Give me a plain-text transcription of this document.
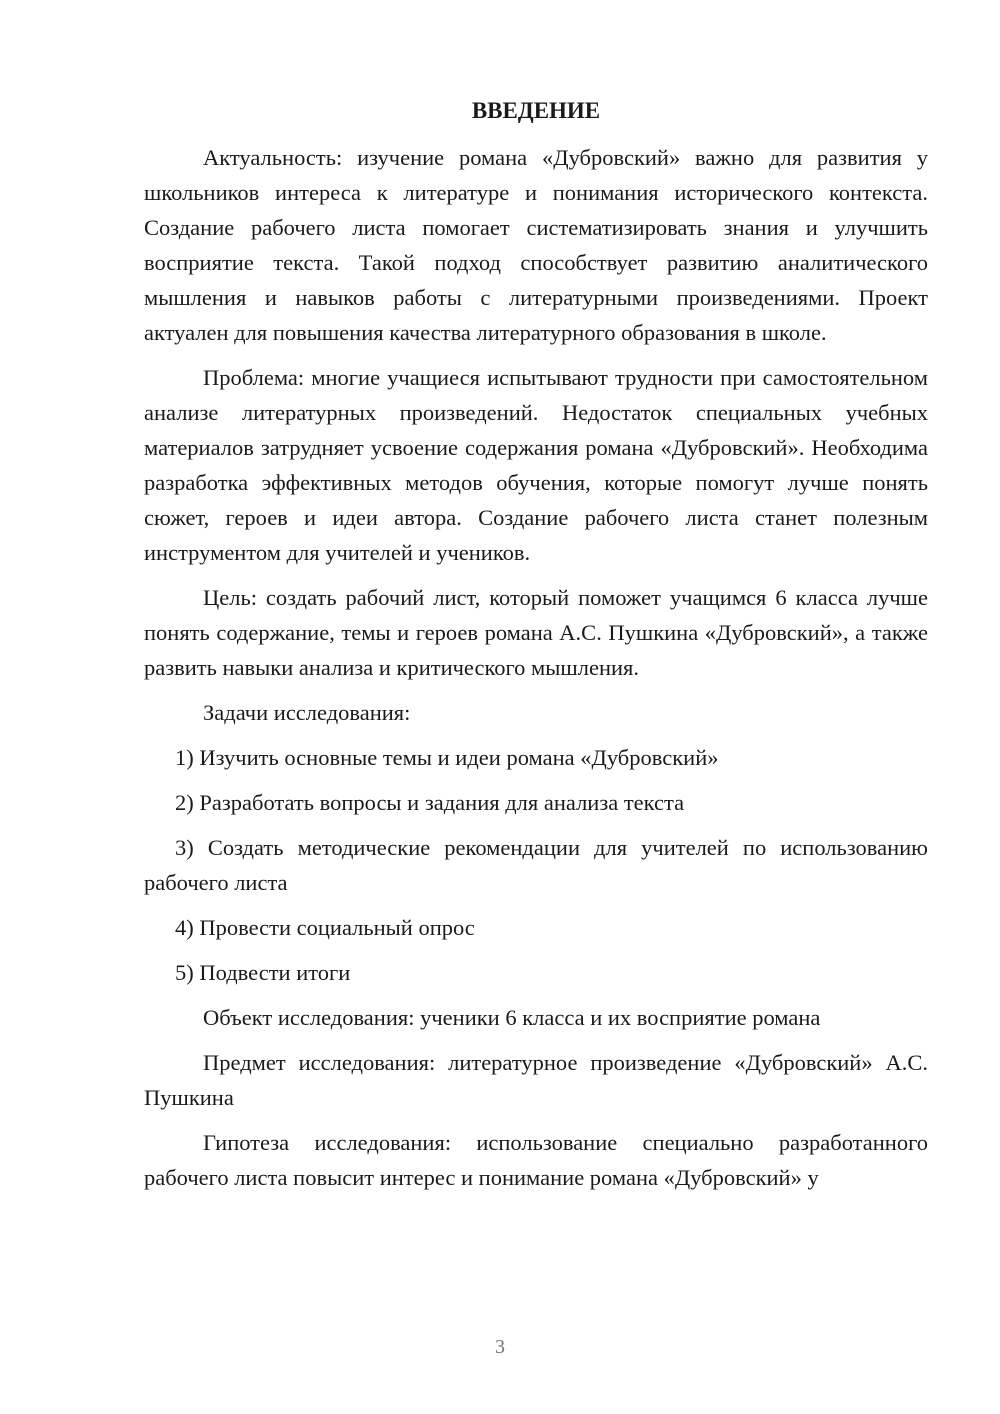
ВВЕДЕНИЕ

Актуальность: изучение романа «Дубровский» важно для развития у школьников интереса к литературе и понимания исторического контекста. Создание рабочего листа помогает систематизировать знания и улучшить восприятие текста. Такой подход способствует развитию аналитического мышления и навыков работы с литературными произведениями. Проект актуален для повышения качества литературного образования в школе.

Проблема: многие учащиеся испытывают трудности при самостоятельном анализе литературных произведений. Недостаток специальных учебных материалов затрудняет усвоение содержания романа «Дубровский». Необходима разработка эффективных методов обучения, которые помогут лучше понять сюжет, героев и идеи автора. Создание рабочего листа станет полезным инструментом для учителей и учеников.

Цель: создать рабочий лист, который поможет учащимся 6 класса лучше понять содержание, темы и героев романа А.С. Пушкина «Дубровский», а также развить навыки анализа и критического мышления.

Задачи исследования:

1) Изучить основные темы и идеи романа «Дубровский»

2) Разработать вопросы и задания для анализа текста

3) Создать методические рекомендации для учителей по использованию рабочего листа

4) Провести социальный опрос

5) Подвести итоги

Объект исследования: ученики 6 класса и их восприятие романа

Предмет исследования: литературное произведение «Дубровский» А.С. Пушкина

Гипотеза исследования: использование специально разработанного рабочего листа повысит интерес и понимание романа «Дубровский» у

3
